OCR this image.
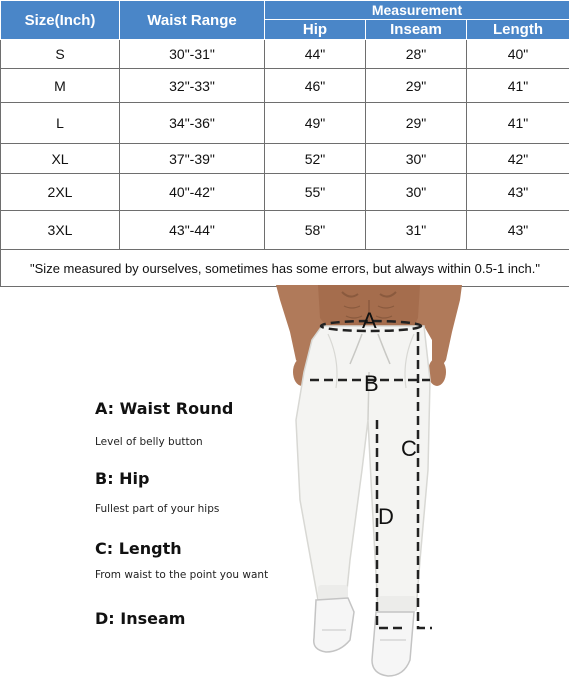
Size(Inch)	Waist Range	Measurement		
		Hip	Inseam	Length
S	30"-31"	44"	28"	40"
M	32"-33"	46"	29"	41"
L	34"-36"	49"	29"	41"
XL	37"-39"	52"	30"	42"
2XL	40"-42"	55"	30"	43"
3XL	43"-44"	58"	31"	43"
"Size measured by ourselves, sometimes has some errors, but always within 0.5-1 inch."				
A: Waist Round
Level of belly button
B: Hip
Fullest part of your hips
C: Length
From waist to the point you want
D: Inseam
A
B
C
D
